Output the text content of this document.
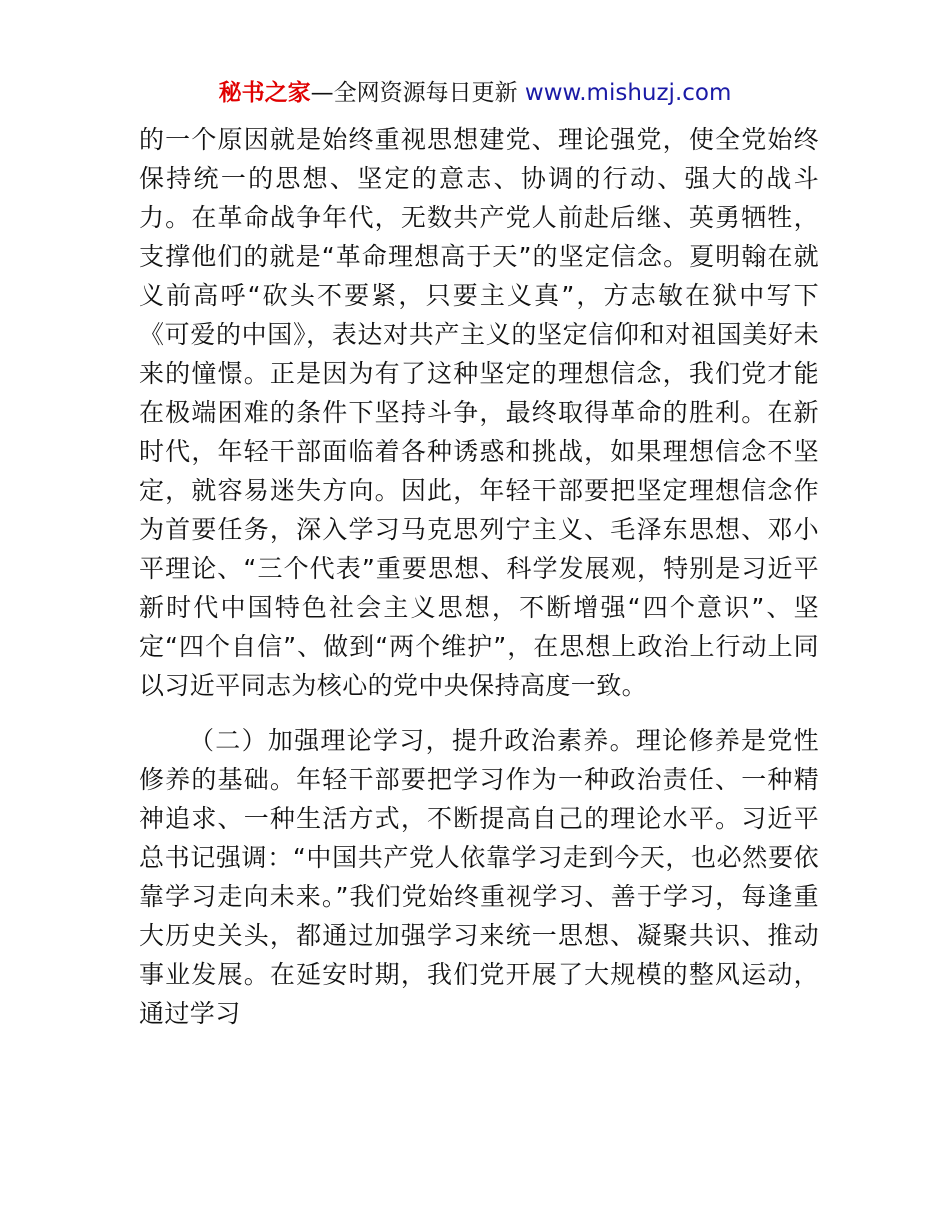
秘书之家—全网资源每日更新 www.mishuzj.com

的一个原因就是始终重视思想建党、理论强党，使全党始终保持统一的思想、坚定的意志、协调的行动、强大的战斗力。在革命战争年代，无数共产党人前赴后继、英勇牺牲，支撑他们的就是“革命理想高于天”的坚定信念。夏明翰在就义前高呼“砍头不要紧，只要主义真”，方志敏在狱中写下《可爱的中国》，表达对共产主义的坚定信仰和对祖国美好未来的憧憬。正是因为有了这种坚定的理想信念，我们党才能在极端困难的条件下坚持斗争，最终取得革命的胜利。在新时代，年轻干部面临着各种诱惑和挑战，如果理想信念不坚定，就容易迷失方向。因此，年轻干部要把坚定理想信念作为首要任务，深入学习马克思列宁主义、毛泽东思想、邓小平理论、“三个代表”重要思想、科学发展观，特别是习近平新时代中国特色社会主义思想，不断增强“四个意识”、坚定“四个自信”、做到“两个维护”，在思想上政治上行动上同以习近平同志为核心的党中央保持高度一致。

（二）加强理论学习，提升政治素养。理论修养是党性修养的基础。年轻干部要把学习作为一种政治责任、一种精神追求、一种生活方式，不断提高自己的理论水平。习近平总书记强调：“中国共产党人依靠学习走到今天，也必然要依靠学习走向未来。”我们党始终重视学习、善于学习，每逢重大历史关头，都通过加强学习来统一思想、凝聚共识、推动事业发展。在延安时期，我们党开展了大规模的整风运动，通过学习
